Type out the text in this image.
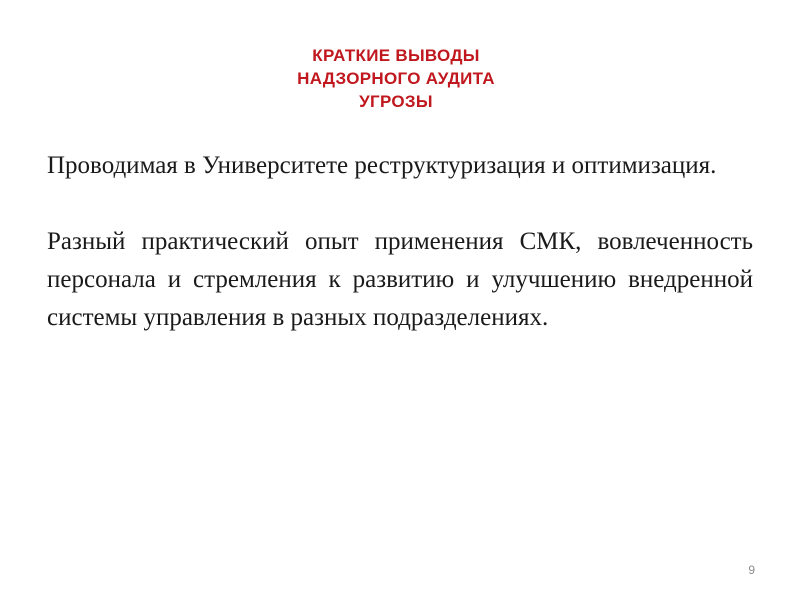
КРАТКИЕ ВЫВОДЫ
НАДЗОРНОГО АУДИТА
УГРОЗЫ

Проводимая в Университете реструктуризация и оптимизация.

Разный практический опыт применения СМК, вовлеченность персонала и стремления к развитию и улучшению внедренной системы управления в разных подразделениях.

9
